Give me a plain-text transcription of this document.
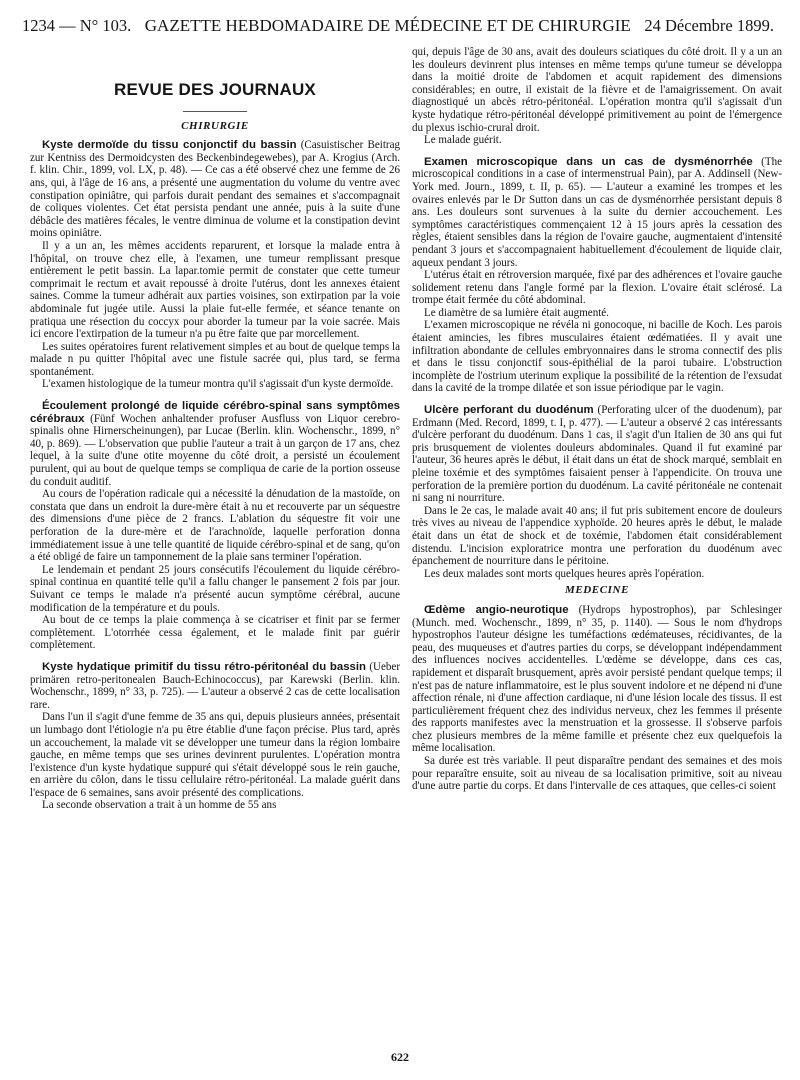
1234 — N° 103. GAZETTE HEBDOMADAIRE DE MÉDECINE ET DE CHIRURGIE 24 Décembre 1899.
REVUE DES JOURNAUX
CHIRURGIE

Kyste dermoïde du tissu conjonctif du bassin (Casuistischer Beitrag zur Kentniss des Dermoidcysten des Beckenbindegewebes), par A. Krogius (Arch. f. klin. Chir., 1899, vol. LX, p. 48). — Ce cas a été observé chez une femme de 26 ans, qui, à l'âge de 16 ans, a présenté une augmentation du volume du ventre avec constipation opiniâtre, qui parfois durait pendant des semaines et s'accompagnait de coliques violentes. Cet état persista pendant une année, puis à la suite d'une débâcle des matières fécales, le ventre diminua de volume et la constipation devint moins opiniâtre.

Il y a un an, les mêmes accidents reparurent, et lorsque la malade entra à l'hôpital, on trouve chez elle, à l'examen, une tumeur remplissant presque entièrement le petit bassin. La lapar.tomie permit de constater que cette tumeur comprimait le rectum et avait repoussé à droite l'utérus, dont les annexes étaient saines. Comme la tumeur adhérait aux parties voisines, son extirpation par la voie abdominale fut jugée utile. Aussi la plaie fut-elle fermée, et séance tenante on pratiqua une résection du coccyx pour aborder la tumeur par la voie sacrée. Mais ici encore l'extirpation de la tumeur n'a pu être faite que par morcellement.

Les suites opératoires furent relativement simples et au bout de quelque temps la malade n pu quitter l'hôpital avec une fistule sacrée qui, plus tard, se ferma spontanément.

L'examen histologique de la tumeur montra qu'il s'agissait d'un kyste dermoïde.

Écoulement prolongé de liquide cérébro-spinal sans symptômes cérébraux (Fünf Wochen anhaltender profuser Ausfluss von Liquor cerebro-spinalis ohne Hirnerscheinungen), par Lucae (Berlin. klin. Wochenschr., 1899, n° 40, p. 869). — L'observation que publie l'auteur a trait à un garçon de 17 ans, chez lequel, à la suite d'une otite moyenne du côté droit, a persisté un écoulement purulent, qui au bout de quelque temps se compliqua de carie de la portion osseuse du conduit auditif.

Au cours de l'opération radicale qui a nécessité la dénudation de la mastoïde, on constata que dans un endroit la dure-mère était à nu et recouverte par un séquestre des dimensions d'une pièce de 2 francs. L'ablation du séquestre fit voir une perforation de la dure-mère et de l'arachnoïde, laquelle perforation donna immédiatement issue à une telle quantité de liquide cérébro-spinal et de sang, qu'on a été obligé de faire un tamponnement de la plaie sans terminer l'opération.

Le lendemain et pendant 25 jours consécutifs l'écoulement du liquide cérébro-spinal continua en quantité telle qu'il a fallu changer le pansement 2 fois par jour. Suivant ce temps le malade n'a présenté aucun symptôme cérébral, aucune modification de la température et du pouls.

Au bout de ce temps la plaie commença à se cicatriser et finit par se fermer complètement. L'otorrhée cessa également, et le malade finit par guérir complètement.

Kyste hydatique primitif du tissu rétro-péritonéal du bassin (Ueber primären retro-peritonealen Bauch-Echinococcus), par Karewski (Berlin. klin. Wochenschr., 1899, n° 33, p. 725). — L'auteur a observé 2 cas de cette localisation rare.

Dans l'un il s'agit d'une femme de 35 ans qui, depuis plusieurs années, présentait un lumbago dont l'étiologie n'a pu être établie d'une façon précise. Plus tard, après un accouchement, la malade vit se développer une tumeur dans la région lombaire gauche, en même temps que ses urines devinrent purulentes. L'opération montra l'existence d'un kyste hydatique suppuré qui s'était développé sous le rein gauche, en arrière du côlon, dans le tissu cellulaire rétro-péritonéal. La malade guérit dans l'espace de 6 semaines, sans avoir présenté des complications.

La seconde observation a trait à un homme de 55 ans

qui, depuis l'âge de 30 ans, avait des douleurs sciatiques du côté droit. Il y a un an les douleurs devinrent plus intenses en même temps qu'une tumeur se développa dans la moitié droite de l'abdomen et acquit rapidement des dimensions considérables; en outre, il existait de la fièvre et de l'amaigrissement. On avait diagnostiqué un abcès rétro-péritonéal. L'opération montra qu'il s'agissait d'un kyste hydatique rétro-péritonéal développé primitivement au point de l'émergence du plexus ischio-crural droit.

Le malade guérit.

Examen microscopique dans un cas de dysménorrhée (The microscopical conditions in a case of intermenstrual Pain), par A. Addinsell (New-York med. Journ., 1899, t. II, p. 65). — L'auteur a examiné les trompes et les ovaires enlevés par le Dr Sutton dans un cas de dysménorrhée persistant depuis 8 ans. Les douleurs sont survenues à la suite du dernier accouchement. Les symptômes caractéristiques commençaient 12 à 15 jours après la cessation des règles, étaient sensibles dans la région de l'ovaire gauche, augmentaient d'intensité pendant 3 jours et s'accompagnaient habituellement d'écoulement de liquide clair, aqueux pendant 3 jours.

L'utérus était en rétroversion marquée, fixé par des adhérences et l'ovaire gauche solidement retenu dans l'angle formé par la flexion. L'ovaire était sclérosé. La trompe était fermée du côté abdominal.

Le diamètre de sa lumière était augmenté.

L'examen microscopique ne révéla ni gonocoque, ni bacille de Koch. Les parois étaient amincies, les fibres musculaires étaient œdématiées. Il y avait une infiltration abondante de cellules embryonnaires dans le stroma connectif des plis et dans le tissu conjonctif sous-épithélial de la paroi tubaire. L'obstruction incomplète de l'ostrium uterinum explique la possibilité de la rétention de l'exsudat dans la cavité de la trompe dilatée et son issue périodique par le vagin.

Ulcère perforant du duodénum (Perforating ulcer of the duodenum), par Erdmann (Med. Record, 1899, t. I, p. 477). — L'auteur a observé 2 cas intéressants d'ulcère perforant du duodénum. Dans 1 cas, il s'agit d'un Italien de 30 ans qui fut pris brusquement de violentes douleurs abdominales. Quand il fut examiné par l'auteur, 36 heures après le début, il était dans un état de shock marqué, semblait en pleine toxémie et des symptômes faisaient penser à l'appendicite. On trouva une perforation de la première portion du duodénum. La cavité péritonéale ne contenait ni sang ni nourriture.

Dans le 2e cas, le malade avait 40 ans; il fut pris subitement encore de douleurs très vives au niveau de l'appendice xyphoïde. 20 heures après le début, le malade était dans un état de shock et de toxémie, l'abdomen était considérablement distendu. L'incision exploratrice montra une perforation du duodénum avec épanchement de nourriture dans le péritoine.

Les deux malades sont morts quelques heures après l'opération.

MEDECINE

Œdème angio-neurotique (Hydrops hypostrophos), par Schlesinger (Munch. med. Wochenschr., 1899, n° 35, p. 1140). — Sous le nom d'hydrops hypostrophos l'auteur désigne les tuméfactions œdémateuses, récidivantes, de la peau, des muqueuses et d'autres parties du corps, se développant indépendamment des influences nocives accidentelles. L'œdème se développe, dans ces cas, rapidement et disparaît brusquement, après avoir persisté pendant quelque temps; il n'est pas de nature inflammatoire, est le plus souvent indolore et ne dépend ni d'une affection rénale, ni d'une affection cardiaque, ni d'une lésion locale des tissus. Il est particulièrement fréquent chez des individus nerveux, chez les femmes il présente des rapports manifestes avec la menstruation et la grossesse. Il s'observe parfois chez plusieurs membres de la même famille et présente chez eux quelquefois la même localisation.

Sa durée est très variable. Il peut disparaître pendant des semaines et des mois pour reparaître ensuite, soit au niveau de sa localisation primitive, soit au niveau d'une autre partie du corps. Et dans l'intervalle de ces attaques, que celles-ci soient

622
